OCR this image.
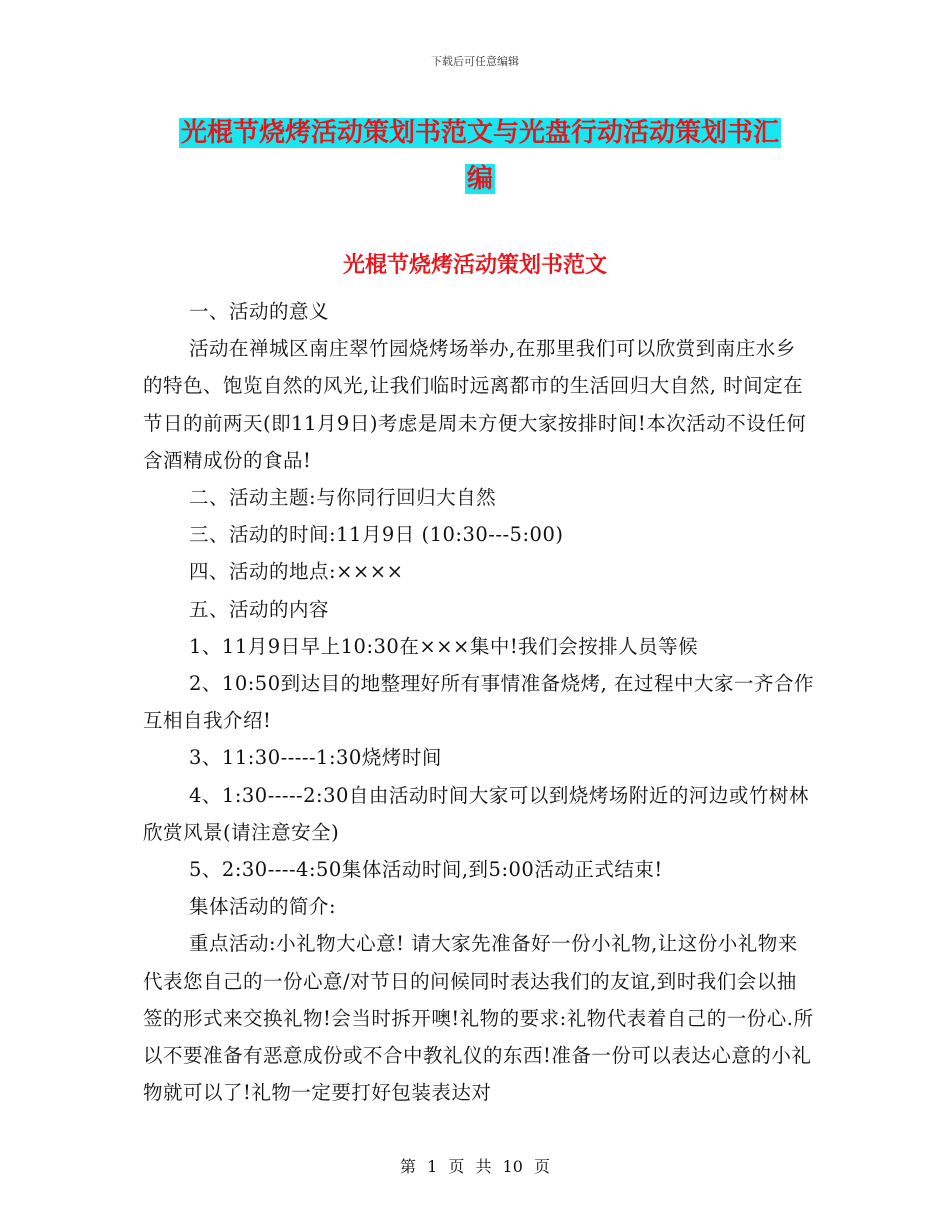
下载后可任意编辑
光棍节烧烤活动策划书范文与光盘行动活动策划书汇
编
光棍节烧烤活动策划书范文

一、活动的意义

活动在禅城区南庄翠竹园烧烤场举办,在那里我们可以欣赏到南庄水乡的特色、饱览自然的风光,让我们临时远离都市的生活回归大自然, 时间定在节日的前两天(即11月9日)考虑是周未方便大家按排时间!本次活动不设任何含酒精成份的食品!

二、活动主题:与你同行回归大自然

三、活动的时间:11月9日 (10:30---5:00)

四、活动的地点:××××

五、活动的内容

1、11月9日早上10:30在×××集中!我们会按排人员等候

2、10:50到达目的地整理好所有事情准备烧烤, 在过程中大家一齐合作互相自我介绍!

3、11:30-----1:30烧烤时间

4、1:30-----2:30自由活动时间大家可以到烧烤场附近的河边或竹树林欣赏风景(请注意安全)

5、2:30----4:50集体活动时间,到5:00活动正式结束!

集体活动的简介:

重点活动:小礼物大心意! 请大家先准备好一份小礼物,让这份小礼物来代表您自己的一份心意/对节日的问候同时表达我们的友谊,到时我们会以抽签的形式来交换礼物!会当时拆开噢!礼物的要求:礼物代表着自己的一份心.所以不要准备有恶意成份或不合中教礼仪的东西!准备一份可以表达心意的小礼物就可以了!礼物一定要打好包装表达对

第 1 页 共 10 页
